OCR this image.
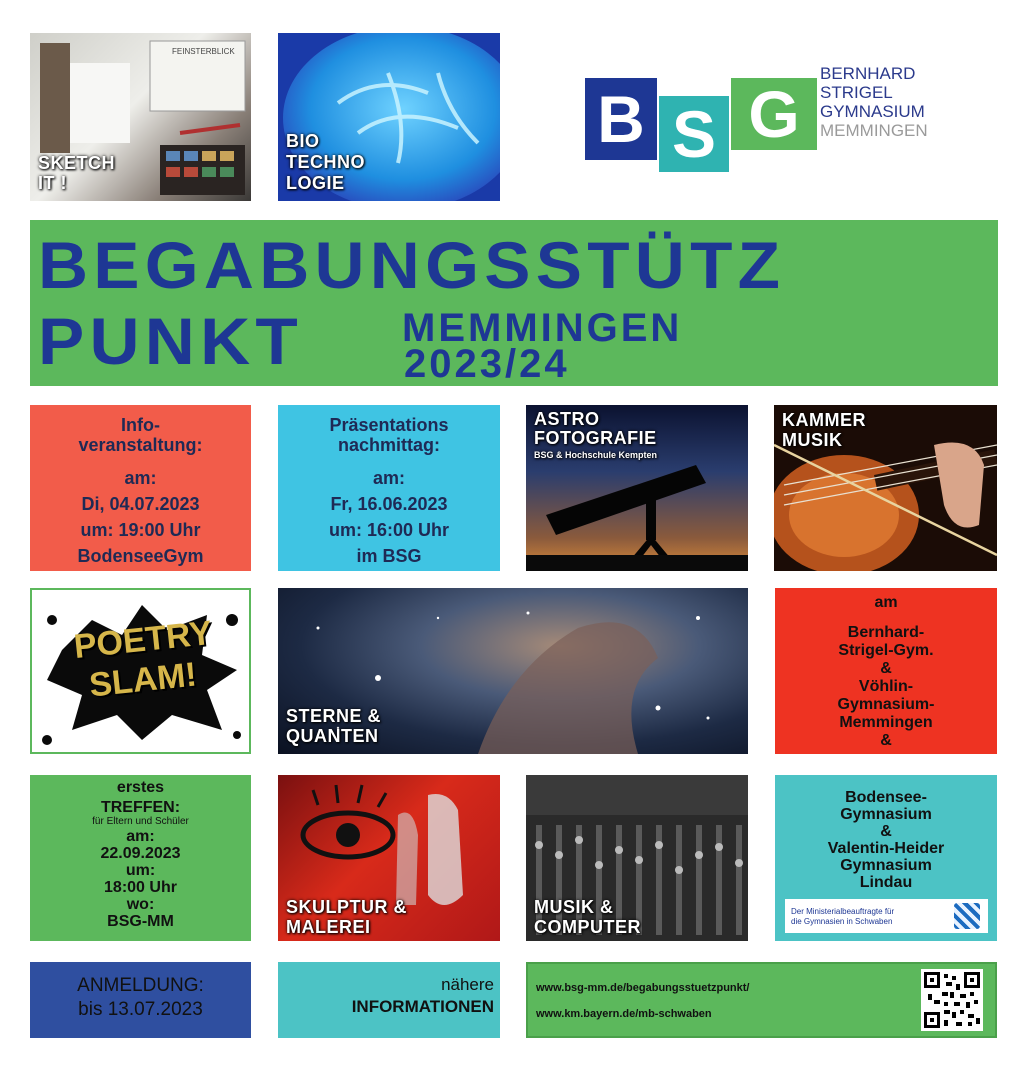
FEINSTERBLICK
SKETCH
IT !
BIO
TECHNO
LOGIE
B S G
BERNHARD
STRIGEL
GYMNASIUM
MEMMINGEN
BEGABUNGSSTÜTZ
PUNKT MEMMINGEN
2023/24
Info-
veranstaltung:
am:
Di, 04.07.2023
um: 19:00 Uhr
BodenseeGym
Präsentations
nachmittag:
am:
Fr, 16.06.2023
um: 16:00 Uhr
im BSG
ASTRO
FOTOGRAFIE
BSG & Hochschule Kempten
KAMMER
MUSIK
POETRY
SLAM!
STERNE &
QUANTEN
am
Bernhard-
Strigel-Gym.
&
Vöhlin-
Gymnasium-
Memmingen
&
erstes
TREFFEN:
für Eltern und Schüler
am:
22.09.2023
um:
18:00 Uhr
wo:
BSG-MM
SKULPTUR &
MALEREI
MUSIK &
COMPUTER
Bodensee-
Gymnasium
&
Valentin-Heider
Gymnasium
Lindau
Der Ministerialbeauftragte für
die Gymnasien in Schwaben
ANMELDUNG:
bis 13.07.2023
nähere
INFORMATIONEN
www.bsg-mm.de/begabungsstuetzpunkt/
www.km.bayern.de/mb-schwaben
